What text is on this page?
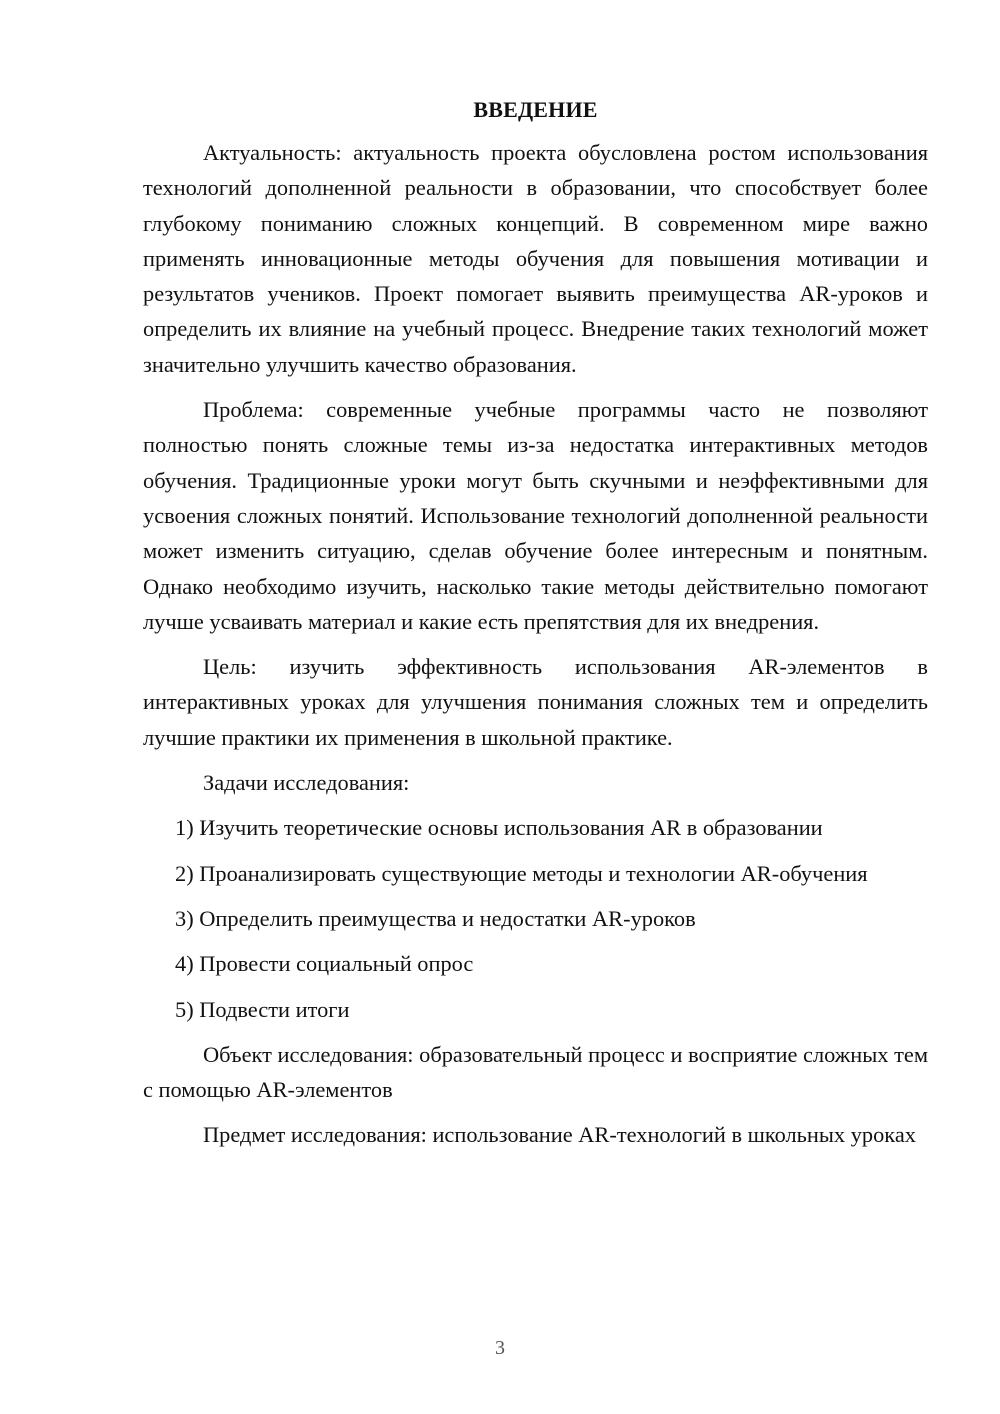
ВВЕДЕНИЕ

Актуальность: актуальность проекта обусловлена ростом использования технологий дополненной реальности в образовании, что способствует более глубокому пониманию сложных концепций. В современном мире важно применять инновационные методы обучения для повышения мотивации и результатов учеников. Проект помогает выявить преимущества AR-уроков и определить их влияние на учебный процесс. Внедрение таких технологий может значительно улучшить качество образования.

Проблема: современные учебные программы часто не позволяют полностью понять сложные темы из-за недостатка интерактивных методов обучения. Традиционные уроки могут быть скучными и неэффективными для усвоения сложных понятий. Использование технологий дополненной реальности может изменить ситуацию, сделав обучение более интересным и понятным. Однако необходимо изучить, насколько такие методы действительно помогают лучше усваивать материал и какие есть препятствия для их внедрения.

Цель: изучить эффективность использования AR-элементов в интерактивных уроках для улучшения понимания сложных тем и определить лучшие практики их применения в школьной практике.

Задачи исследования:

1) Изучить теоретические основы использования AR в образовании

2) Проанализировать существующие методы и технологии AR-обучения

3) Определить преимущества и недостатки AR-уроков

4) Провести социальный опрос

5) Подвести итоги

Объект исследования: образовательный процесс и восприятие сложных тем с помощью AR-элементов

Предмет исследования: использование AR-технологий в школьных уроках

3
